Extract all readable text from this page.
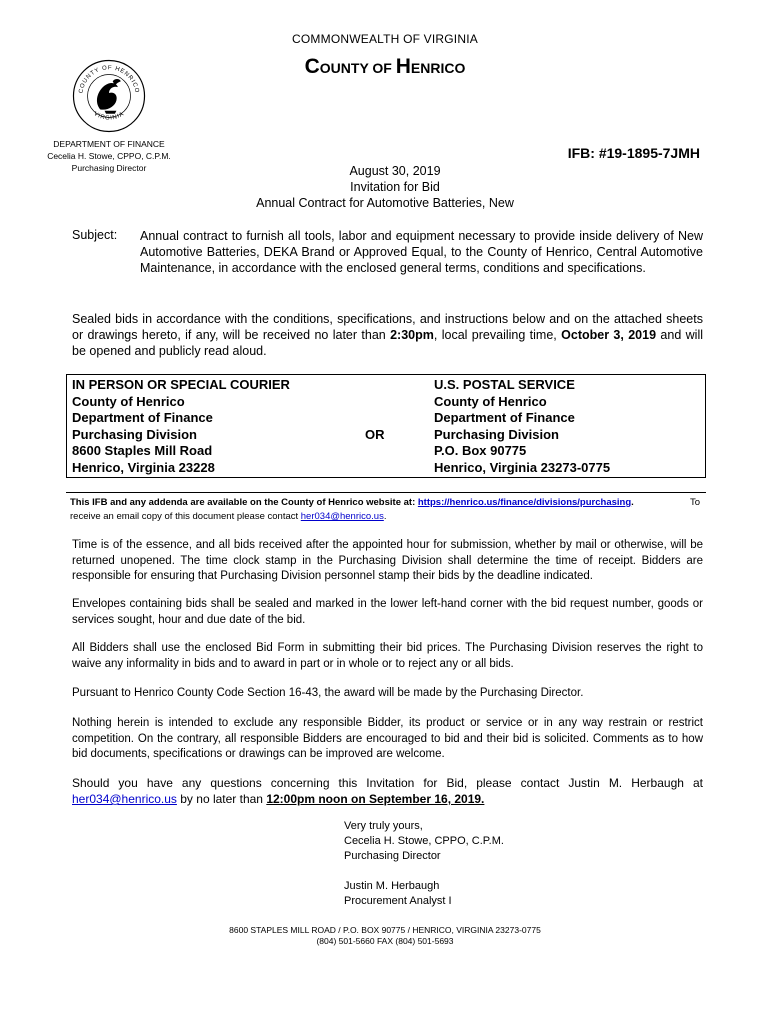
COMMONWEALTH OF VIRGINIA
COUNTY OF HENRICO
COUNTY OF HENRICO
VIRGINIA
DEPARTMENT OF FINANCE
Cecelia H. Stowe, CPPO, C.P.M.
Purchasing Director
IFB: #19-1895-7JMH
August 30, 2019
Invitation for Bid
Annual Contract for Automotive Batteries, New
Subject: Annual contract to furnish all tools, labor and equipment necessary to provide inside delivery of New Automotive Batteries, DEKA Brand or Approved Equal, to the County of Henrico, Central Automotive Maintenance, in accordance with the enclosed general terms, conditions and specifications.
Sealed bids in accordance with the conditions, specifications, and instructions below and on the attached sheets or drawings hereto, if any, will be received no later than 2:30pm, local prevailing time, October 3, 2019 and will be opened and publicly read aloud.
IN PERSON OR SPECIAL COURIER
County of Henrico
Department of Finance
Purchasing Division
8600 Staples Mill Road
Henrico, Virginia 23228
OR
U.S. POSTAL SERVICE
County of Henrico
Department of Finance
Purchasing Division
P.O. Box 90775
Henrico, Virginia 23273-0775
This IFB and any addenda are available on the County of Henrico website at: https://henrico.us/finance/divisions/purchasing.	To
receive an email copy of this document please contact her034@henrico.us.
Time is of the essence, and all bids received after the appointed hour for submission, whether by mail or otherwise, will be returned unopened. The time clock stamp in the Purchasing Division shall determine the time of receipt. Bidders are responsible for ensuring that Purchasing Division personnel stamp their bids by the deadline indicated.
Envelopes containing bids shall be sealed and marked in the lower left-hand corner with the bid request number, goods or services sought, hour and due date of the bid.
All Bidders shall use the enclosed Bid Form in submitting their bid prices. The Purchasing Division reserves the right to waive any informality in bids and to award in part or in whole or to reject any or all bids.
Pursuant to Henrico County Code Section 16-43, the award will be made by the Purchasing Director.
Nothing herein is intended to exclude any responsible Bidder, its product or service or in any way restrain or restrict competition. On the contrary, all responsible Bidders are encouraged to bid and their bid is solicited. Comments as to how bid documents, specifications or drawings can be improved are welcome.
Should you have any questions concerning this Invitation for Bid, please contact Justin M. Herbaugh at her034@henrico.us by no later than 12:00pm noon on September 16, 2019.
Very truly yours,
Cecelia H. Stowe, CPPO, C.P.M.
Purchasing Director
Justin M. Herbaugh
Procurement Analyst I
8600 STAPLES MILL ROAD / P.O. BOX 90775 / HENRICO, VIRGINIA 23273-0775
(804) 501-5660 FAX (804) 501-5693
